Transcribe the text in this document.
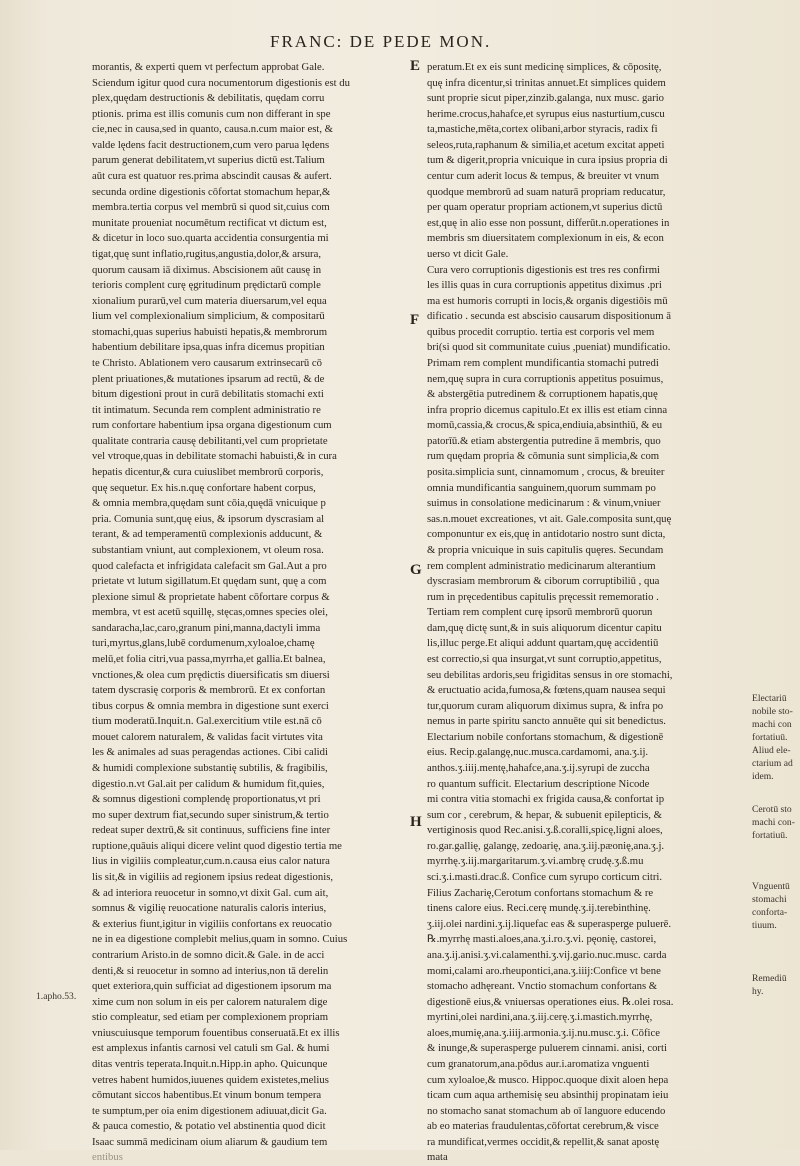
FRANC: DE PEDE MON.
E
F
G
H
morantis, & experti quem vt perfectum approbat Gale.
Sciendum igitur quod cura nocumentorum digestionis est du
plex,quędam destructionis & debilitatis, quędam corru
ptionis. prima est illis comunis cum non differant in spe
cie,nec in causa,sed in quanto, causa.n.cum maior est, &
valde lędens facit destructionem,cum vero parua lędens
parum generat debilitatem,vt superius dictū est.Talium
aūt cura est quatuor res.prima abscindit causas & aufert.
secunda ordine digestionis cōfortat stomachum hepar,&
membra.tertia corpus vel membrū si quod sit,cuius com
munitate proueniat nocumētum rectificat vt dictum est,
& dicetur in loco suo.quarta accidentia consurgentia mi
tigat,quę sunt inflatio,rugitus,angustia,dolor,& arsura,
quorum causam iā diximus. Abscisionem aūt causę in
terioris complent curę ęgritudinum prędictarū comple
xionalium purarū,vel cum materia diuersarum,vel equa
lium vel complexionalium simplicium, & compositarū
stomachi,quas superius habuisti hepatis,& membrorum
habentium debilitare ipsa,quas infra dicemus propitian
te Christo. Ablationem vero causarum extrinsecarū cō
plent priuationes,& mutationes ipsarum ad rectū, & de
bitum digestioni prout in curā debilitatis stomachi exti
tit intimatum. Secunda rem complent administratio re
rum confortare habentium ipsa organa digestionum cum
qualitate contraria causę debilitanti,vel cum proprietate
vel vtroque,quas in debilitate stomachi habuisti,& in cura
hepatis dicentur,& cura cuiuslibet membrorū corporis,
quę sequetur. Ex his.n.quę confortare habent corpus,
& omnia membra,quędam sunt cōia,quędā vnicuique p
pria. Comunia sunt,quę eius, & ipsorum dyscrasiam al
terant, & ad temperamentū complexionis adducunt, &
substantiam vniunt, aut complexionem, vt oleum rosa.
quod calefacta et infrigidata calefacit sm Gal.Aut a pro
prietate vt lutum sigillatum.Et quędam sunt, quę a com
plexione simul & proprietate habent cōfortare corpus &
membra, vt est acetū squillę, stęcas,omnes species olei,
sandaracha,lac,caro,granum pini,manna,dactyli imma
turi,myrtus,glans,lubē cordumenum,xyloaloe,chamę
melū,et folia citri,vua passa,myrrha,et gallia.Et balnea,
vnctiones,& olea cum prędictis diuersificatis sm diuersi
tatem dyscrasię corporis & membrorū. Et ex confortan
tibus corpus & omnia membra in digestione sunt exerci
tium moderatū.Inquit.n. Gal.exercitium vtile est.nā cō
mouet calorem naturalem, & validas facit virtutes vita
les & animales ad suas peragendas actiones. Cibi calidi
& humidi complexione substantię subtilis, & fragibilis,
digestio.n.vt Gal.ait per calidum & humidum fit,quies,
& somnus digestioni complendę proportionatus,vt pri
mo super dextrum fiat,secundo super sinistrum,& tertio
redeat super dextrū,& sit continuus, sufficiens fine inter
ruptione,quāuis aliqui dicere velint quod digestio tertia me
lius in vigiliis compleatur,cum.n.causa eius calor natura
lis sit,& in vigiliis ad regionem ipsius redeat digestionis,
& ad interiora reuocetur in somno,vt dixit Gal. cum ait,
somnus & vigilię reuocatione naturalis caloris interius,
& exterius fiunt,igitur in vigiliis confortans ex reuocatio
ne in ea digestione complebit melius,quam in somno. Cuius
contrarium Aristo.in de somno dicit.& Gale. in de acci
denti,& si reuocetur in somno ad interius,non tā derelin
quet exteriora,quin sufficiat ad digestionem ipsorum ma
xime cum non solum in eis per calorem naturalem dige
stio compleatur, sed etiam per complexionem propriam
vniuscuiusque temporum fouentibus conseruatā.Et ex illis
est amplexus infantis carnosi vel catuli sm Gal. & humi
ditas ventris teperata.Inquit.n.Hipp.in apho. Quicunque
vetres habent humidos,iuuenes quidem existetes,melius
cōmutant siccos habentibus.Et vinum bonum tempera
te sumptum,per oia enim digestionem adiuuat,dicit Ga.
& pauca comestio, & potatio vel abstinentia quod dicit
Isaac summā medicinam oium aliarum & gaudium tem
entibus
peratum.Et ex eis sunt medicinę simplices, & cōpositę,
quę infra dicentur,si trinitas annuet.Et simplices quidem
sunt proprie sicut piper,zinzib.galanga, nux musc. gario
herime.crocus,hahafce,et syrupus eius nasturtium,cuscu
ta,mastiche,mēta,cortex olibani,arbor styracis, radix fi
seleos,ruta,raphanum & similia,et acetum excitat appeti
tum & digerit,propria vnicuique in cura ipsius propria di
centur cum aderit locus & tempus, & breuiter vt vnum
quodque membrorū ad suam naturā propriam reducatur,
per quam operatur propriam actionem,vt superius dictū
est,quę in alio esse non possunt, differūt.n.operationes in
membris sm diuersitatem complexionum in eis, & econ
uerso vt dicit Gale.
Cura vero corruptionis digestionis est tres res confirmi
les illis quas in cura corruptionis appetitus diximus .pri
ma est humoris corrupti in locis,& organis digestiōis mū
dificatio . secunda est abscisio causarum dispositionum ā
quibus procedit corruptio. tertia est corporis vel mem
bri(si quod sit communitate cuius ,pueniat) mundificatio.
Primam rem complent mundificantia stomachi putredi
nem,quę supra in cura corruptionis appetitus posuimus,
& abstergētia putredinem & corruptionem hapatis,quę
infra proprio dicemus capitulo.Et ex illis est etiam cinna
momū,cassia,& crocus,& spica,endiuia,absinthiū, & eu
patorīū.& etiam abstergentia putredine ā membris, quo
rum quędam propria & cōmunia sunt simplicia,& com
posita.simplicia sunt, cinnamomum , crocus, & breuiter
omnia mundificantia sanguinem,quorum summam po
suimus in consolatione medicinarum : & vinum,vniuer
sas.n.mouet excreationes, vt ait. Gale.composita sunt,quę
componuntur ex eis,quę in antidotario nostro sunt dicta,
& propria vnicuique in suis capitulis quęres. Secundam
rem complent administratio medicinarum alterantium
dyscrasiam membrorum & ciborum corruptibiliū , qua
rum in pręcedentibus capitulis pręcessit rememoratio .
Tertiam rem complent curę ipsorū membrorū quorun
dam,quę dictę sunt,& in suis aliquorum dicentur capitu
lis,illuc perge.Et aliqui addunt quartam,quę accidentiū
est correctio,si qua insurgat,vt sunt corruptio,appetitus,
seu debilitas ardoris,seu frigiditas sensus in ore stomachi,
& eructuatio acida,fumosa,& fœtens,quam nausea sequi
tur,quorum curam aliquorum diximus supra, & infra po
nemus in parte spiritu sancto annuēte qui sit benedictus.
Electarium nobile confortans stomachum, & digestionē
eius. Recip.galangę,nuc.musca.cardamomi, ana.ʒ.ij.
anthos.ʒ.iiij.mentę,hahafce,ana.ʒ.ij.syrupi de zuccha
ro quantum sufficit. Electarium descriptione Nicode
mi contra vitia stomachi ex frigida causa,& confortat ip
sum cor , cerebrum, & hepar, & subuenit epilepticis, &
vertiginosis quod Rec.anisi.ʒ.ß.coralli,spicę,ligni aloes,
ro.gar.gallię, galangę, zedoarię, ana.ʒ.iij.pæonię,ana.ʒ.j.
myrrhę.ʒ.iij.margaritarum.ʒ.vi.ambrę crudę.ʒ.ß.mu
sci.ʒ.i.masti.drac.ß. Confice cum syrupo corticum citri.
Filius Zacharię,Cerotum confortans stomachum & re
tinens calore eius. Reci.cerę mundę.ʒ.ij.terebinthinę.
ʒ.iij.olei nardini.ʒ.ij.liquefac eas & superasperge puluerē.
℞.myrrhę masti.aloes,ana.ʒ.i.ro.ʒ.vi. pęonię, castorei,
ana.ʒ.ij.anisi.ʒ.vi.calamenthi.ʒ.vij.gario.nuc.musc. carda
momi,calami aro.rheupontici,ana.ʒ.iiij:Confice vt bene
stomacho adhęreant. Vnctio stomachum confortans &
digestionē eius,& vniuersas operationes eius. ℞.olei rosa.
myrtini,olei nardini,ana.ʒ.iij.cerę.ʒ.i.mastich.myrrhę,
aloes,mumię,ana.ʒ.iiij.armonia.ʒ.ij.nu.musc.ʒ.i. Cōfice
& inunge,& superasperge puluerem cinnami. anisi, corti
cum granatorum,ana.pōdus aur.i.aromatiza vnguenti
cum xyloaloe,& musco. Hippoc.quoque dixit aloen hepa
ticam cum aqua arthemisię seu absinthij propinatam ieiu
no stomacho sanat stomachum ab oī languore educendo
ab eo materias fraudulentas,cōfortat cerebrum,& visce
ra mundificat,vermes occidit,& repellit,& sanat apostę
mata
1.apho.53.
Electariū
nobile sto-
machi con
fortatiuū.
Aliud ele-
ctarium ad
idem.
Cerotū sto
machi con-
fortatiuū.
Vnguentū
stomachi
conforta-
tiuum.
Remediū
hy.
